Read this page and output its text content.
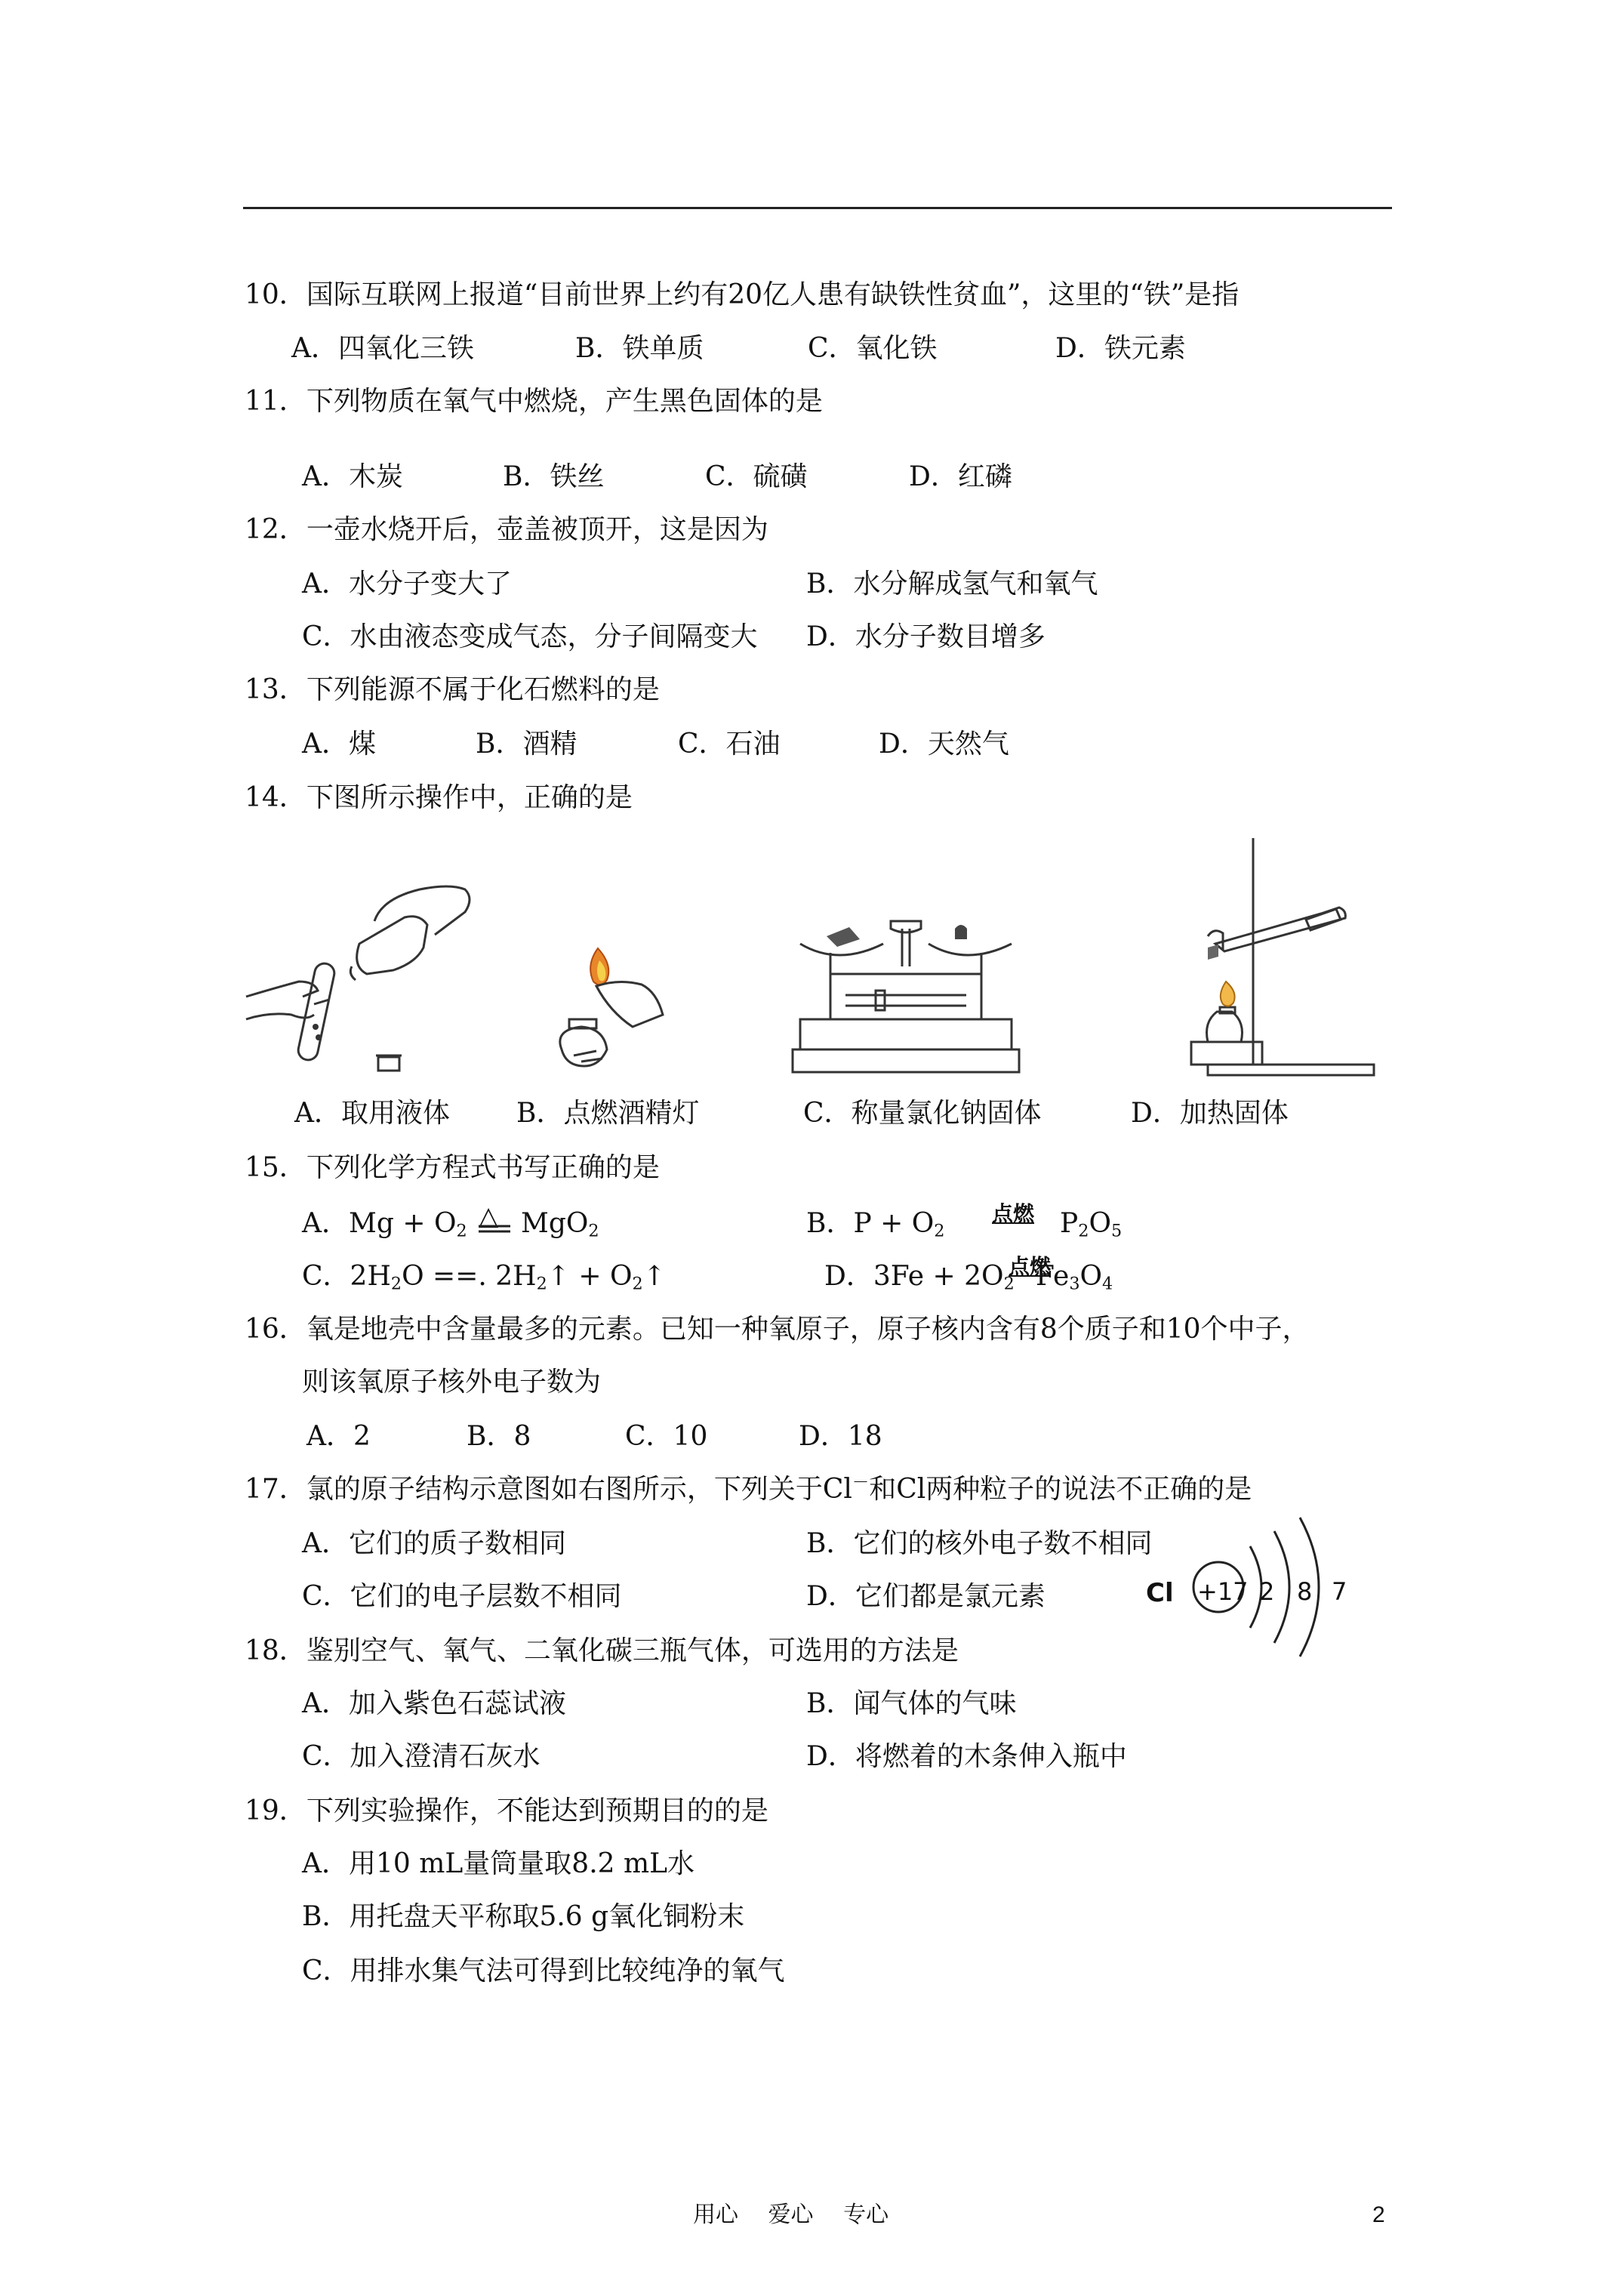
10．国际互联网上报道“目前世界上约有20亿人患有缺铁性贫血”，这里的“铁”是指
A．四氧化三铁	B．铁单质	C．氧化铁	D．铁元素
11．下列物质在氧气中燃烧，产生黑色固体的是
A．木炭	B．铁丝	C．硫磺	D．红磷
12．一壶水烧开后，壶盖被顶开，这是因为
A．水分子变大了	B．水分解成氢气和氧气
C．水由液态变成气态，分子间隔变大 D．水分子数目增多
13．下列能源不属于化石燃料的是
A．煤	B．酒精	C．石油	D．天然气
14．下图所示操作中，正确的是
A．取用液体 B．点燃酒精灯	C．称量氯化钠固体	D．加热固体
15．下列化学方程式书写正确的是
A．$Mg + O_2$ △ MgO$_2$	B．$P + O_2$
点燃 $P_2O_5$
C．$2H_2O$ ==. $2H_2↑$ + $O_2↑$	D．$3Fe + 2O_2$
点燃
$Fe_3O_4$
16．氧是地壳中含量最多的元素。已知一种氧原子，原子核内含有8个质子和10个中子，
则该氧原子核外电子数为
A．2	B．8	C．10	D．18
17．氯的原子结构示意图如右图所示，下列关于Cl－和Cl两种粒子的说法不正确的是
A．它们的质子数相同	B．它们的核外电子数不相同
C．它们的电子层数不相同	D．它们都是氯元素	Cl +17 2 8 7
18．鉴别空气、氧气、二氧化碳三瓶气体，可选用的方法是
A．加入紫色石蕊试液	B．闻气体的气味
C．加入澄清石灰水	D．将燃着的木条伸入瓶中
19．下列实验操作，不能达到预期目的的是
A．用10 mL量筒量取8.2 mL水
B．用托盘天平称取5.6 g氧化铜粉末
C．用排水集气法可得到比较纯净的氧气
用心　 爱心　 专心	2
